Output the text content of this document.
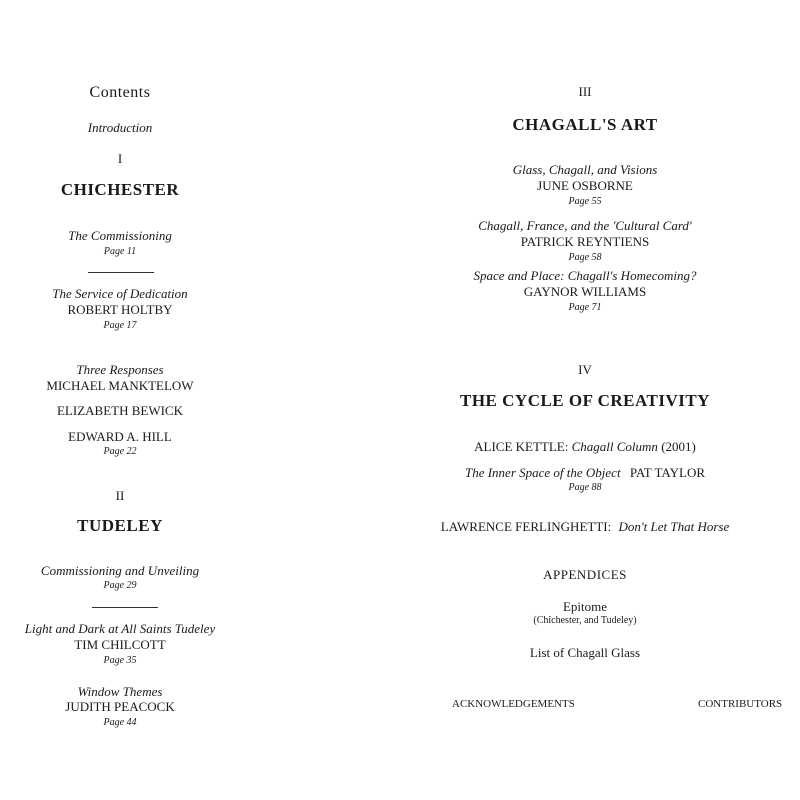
Contents
Introduction
I
CHICHESTER
The Commissioning
Page 11
The Service of Dedication
ROBERT HOLTBY
Page 17
Three Responses
MICHAEL MANKTELOW
ELIZABETH BEWICK
EDWARD A. HILL
Page 22
II
TUDELEY
Commissioning and Unveiling
Page 29
Light and Dark at All Saints Tudeley
TIM CHILCOTT
Page 35
Window Themes
JUDITH PEACOCK
Page 44
III
CHAGALL'S ART
Glass, Chagall, and Visions
JUNE OSBORNE
Page 55
Chagall, France, and the 'Cultural Card'
PATRICK REYNTIENS
Page 58
Space and Place: Chagall's Homecoming?
GAYNOR WILLIAMS
Page 71
IV
THE CYCLE OF CREATIVITY
ALICE KETTLE: Chagall Column (2001)
The Inner Space of the Object PAT TAYLOR
Page 88
LAWRENCE FERLINGHETTI: Don't Let That Horse
APPENDICES
Epitome
(Chichester, and Tudeley)
List of Chagall Glass
ACKNOWLEDGEMENTS	CONTRIBUTORS
